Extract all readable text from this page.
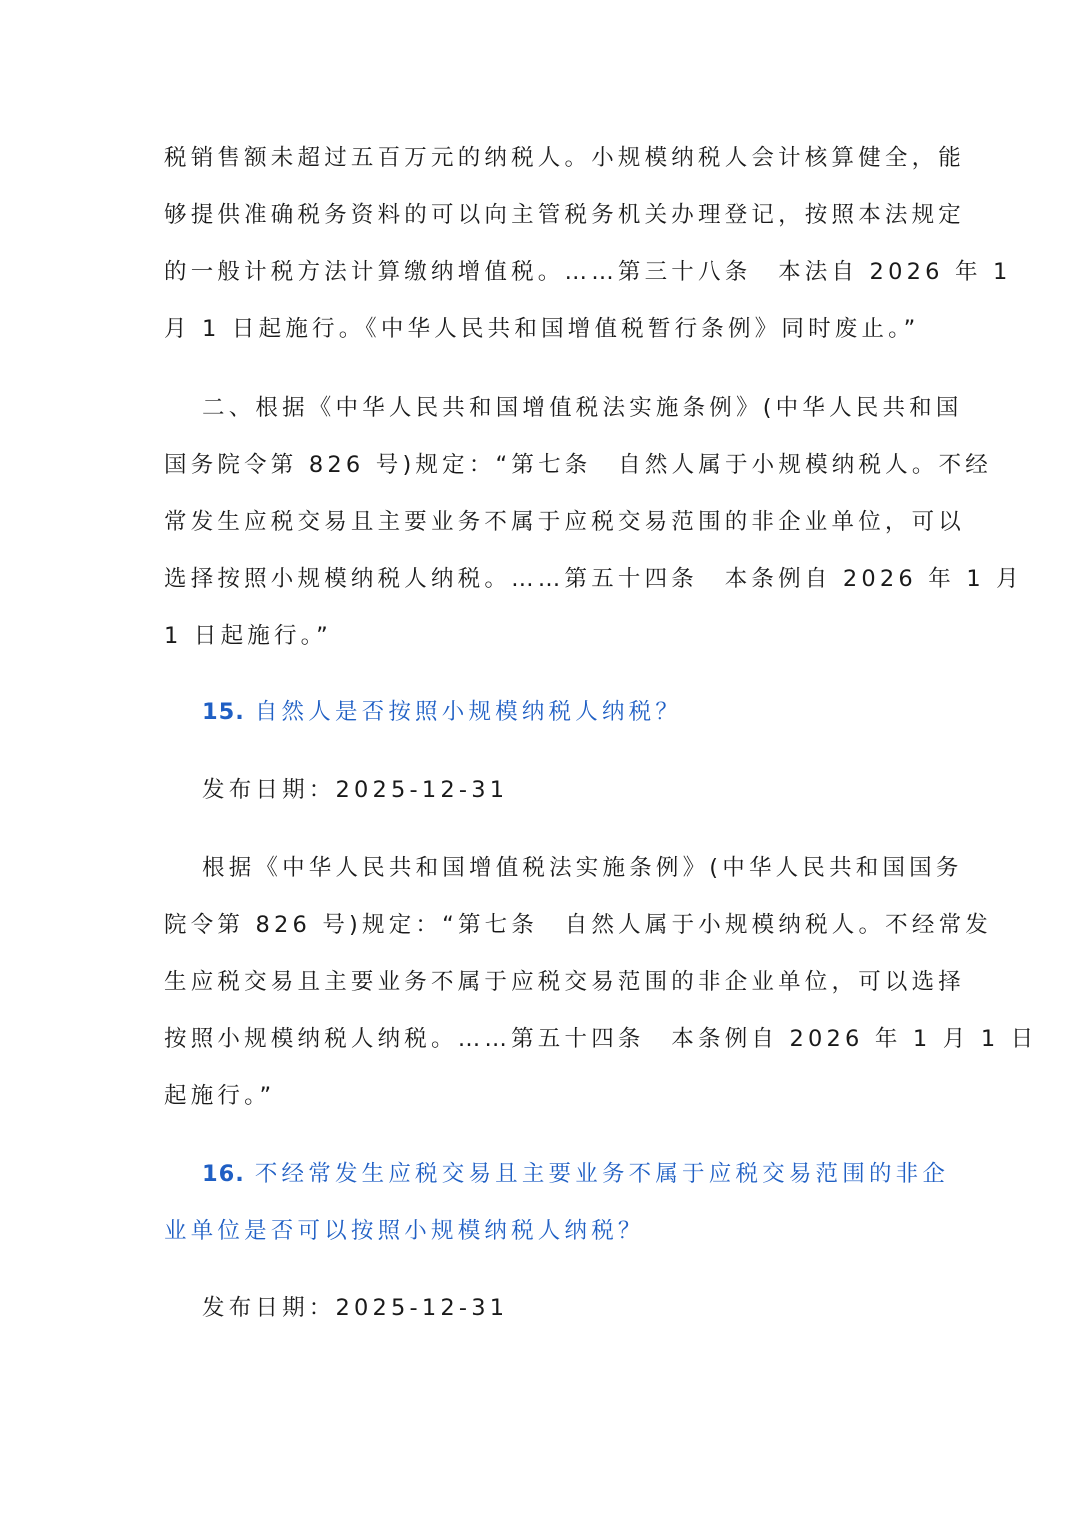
税销售额未超过五百万元的纳税人。小规模纳税人会计核算健全，能
够提供准确税务资料的可以向主管税务机关办理登记，按照本法规定
的一般计税方法计算缴纳增值税。……第三十八条　本法自 2026 年 1
月 1 日起施行。《中华人民共和国增值税暂行条例》同时废止。”
二、根据《中华人民共和国增值税法实施条例》(中华人民共和国
国务院令第 826 号)规定：“第七条　自然人属于小规模纳税人。不经
常发生应税交易且主要业务不属于应税交易范围的非企业单位，可以
选择按照小规模纳税人纳税。……第五十四条　本条例自 2026 年 1 月
1 日起施行。”
15. 自然人是否按照小规模纳税人纳税？
发布日期：2025-12-31
根据《中华人民共和国增值税法实施条例》(中华人民共和国国务
院令第 826 号)规定：“第七条　自然人属于小规模纳税人。不经常发
生应税交易且主要业务不属于应税交易范围的非企业单位，可以选择
按照小规模纳税人纳税。……第五十四条　本条例自 2026 年 1 月 1 日
起施行。”
16. 不经常发生应税交易且主要业务不属于应税交易范围的非企
业单位是否可以按照小规模纳税人纳税？
发布日期：2025-12-31
